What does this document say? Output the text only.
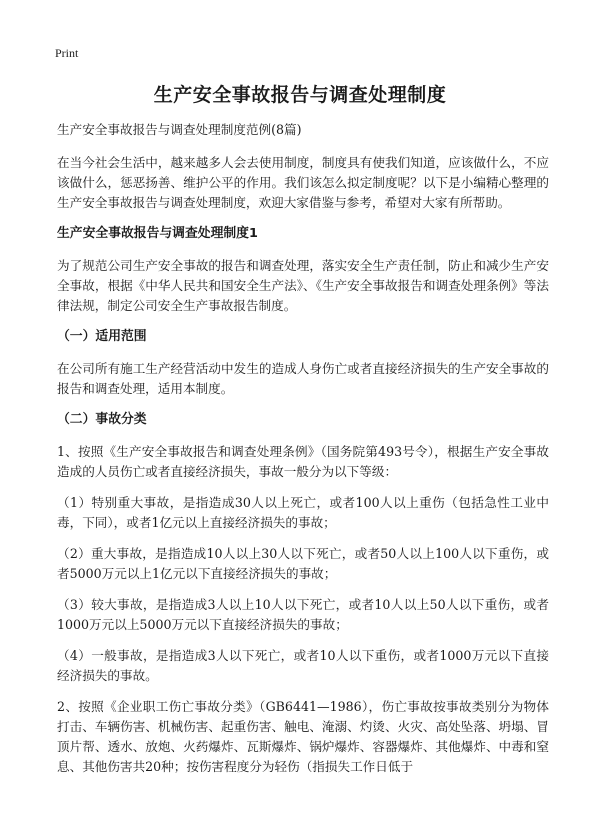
Print
生产安全事故报告与调查处理制度

生产安全事故报告与调查处理制度范例(8篇)

在当今社会生活中，越来越多人会去使用制度，制度具有使我们知道，应该做什么，不应该做什么，惩恶扬善、维护公平的作用。我们该怎么拟定制度呢？以下是小编精心整理的生产安全事故报告与调查处理制度，欢迎大家借鉴与参考，希望对大家有所帮助。

生产安全事故报告与调查处理制度1

为了规范公司生产安全事故的报告和调查处理，落实安全生产责任制，防止和减少生产安全事故，根据《中华人民共和国安全生产法》、《生产安全事故报告和调查处理条例》等法律法规，制定公司安全生产事故报告制度。

（一）适用范围

在公司所有施工生产经营活动中发生的造成人身伤亡或者直接经济损失的生产安全事故的报告和调查处理，适用本制度。

（二）事故分类

1、按照《生产安全事故报告和调查处理条例》（国务院第493号令），根据生产安全事故造成的人员伤亡或者直接经济损失，事故一般分为以下等级：

（1）特别重大事故，是指造成30人以上死亡，或者100人以上重伤（包括急性工业中毒，下同），或者1亿元以上直接经济损失的事故；

（2）重大事故，是指造成10人以上30人以下死亡，或者50人以上100人以下重伤，或者5000万元以上1亿元以下直接经济损失的事故；

（3）较大事故，是指造成3人以上10人以下死亡，或者10人以上50人以下重伤，或者1000万元以上5000万元以下直接经济损失的事故；

（4）一般事故，是指造成3人以下死亡，或者10人以下重伤，或者1000万元以下直接经济损失的事故。

2、按照《企业职工伤亡事故分类》（GB6441—1986），伤亡事故按事故类别分为物体打击、车辆伤害、机械伤害、起重伤害、触电、淹溺、灼烫、火灾、高处坠落、坍塌、冒顶片帮、透水、放炮、火药爆炸、瓦斯爆炸、锅炉爆炸、容器爆炸、其他爆炸、中毒和窒息、其他伤害共20种；按伤害程度分为轻伤（指损失工作日低于
